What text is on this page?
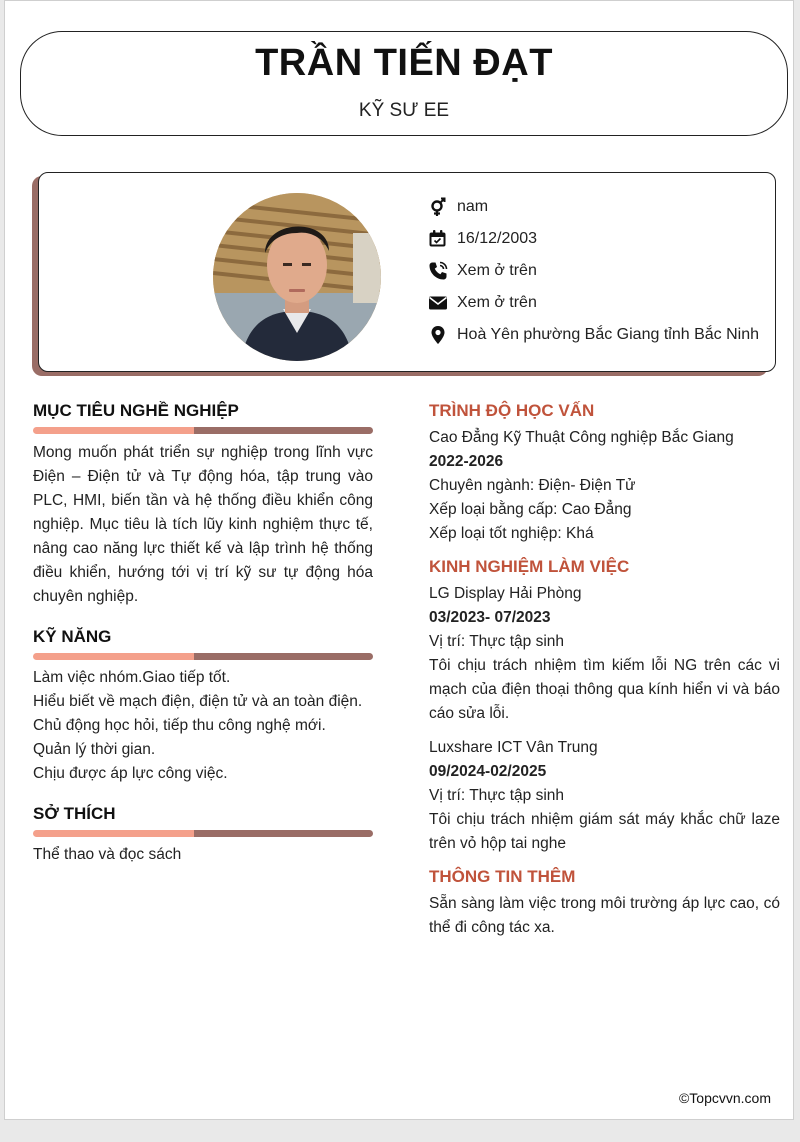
TRẦN TIẾN ĐẠT
KỸ SƯ EE
nam
16/12/2003
Xem ở trên
Xem ở trên
Hoà Yên phường Bắc Giang tỉnh Bắc Ninh
MỤC TIÊU NGHỀ NGHIỆP
Mong muốn phát triển sự nghiệp trong lĩnh vực Điện – Điện tử và Tự động hóa, tập trung vào PLC, HMI, biến tần và hệ thống điều khiển công nghiệp. Mục tiêu là tích lũy kinh nghiệm thực tế, nâng cao năng lực thiết kế và lập trình hệ thống điều khiển, hướng tới vị trí kỹ sư tự động hóa chuyên nghiệp.
KỸ NĂNG
Làm việc nhóm.Giao tiếp tốt.
Hiểu biết về mạch điện, điện tử và an toàn điện.
Chủ động học hỏi, tiếp thu công nghệ mới.
Quản lý thời gian.
Chịu được áp lực công việc.
SỞ THÍCH
Thể thao và đọc sách
TRÌNH ĐỘ HỌC VẤN
Cao Đẳng Kỹ Thuật Công nghiệp Bắc Giang
2022-2026
Chuyên ngành: Điện- Điện Tử
Xếp loại bằng cấp: Cao Đẳng
Xếp loại tốt nghiệp: Khá
KINH NGHIỆM LÀM VIỆC
LG Display Hải Phòng
03/2023- 07/2023
Vị trí: Thực tập sinh
Tôi chịu trách nhiệm tìm kiếm lỗi NG trên các vi mạch của điện thoại thông qua kính hiển vi và báo cáo sửa lỗi.
Luxshare ICT Vân Trung
09/2024-02/2025
Vị trí: Thực tập sinh
Tôi chịu trách nhiệm giám sát máy khắc chữ laze trên vỏ hộp tai nghe
THÔNG TIN THÊM
Sẵn sàng làm việc trong môi trường áp lực cao, có thể đi công tác xa.
©Topcvvn.com
